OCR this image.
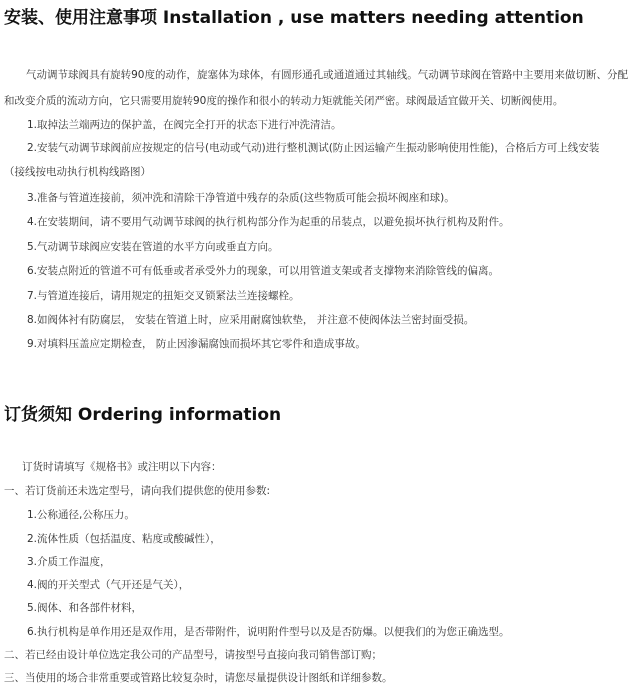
安装、使用注意事项 Installation , use matters needing attention

气动调节球阀具有旋转90度的动作，旋塞体为球体，有圆形通孔或通道通过其轴线。气动调节球阀在管路中主要用来做切断、分配和改变介质的流动方向，它只需要用旋转90度的操作和很小的转动力矩就能关闭严密。球阀最适宜做开关、切断阀使用。

1.取掉法兰端两边的保护盖，在阀完全打开的状态下进行冲洗清洁。

2.安装气动调节球阀前应按规定的信号(电动或气动)进行整机测试(防止因运输产生振动影响使用性能)，合格后方可上线安装（接线按电动执行机构线路图）

3.准备与管道连接前，须冲洗和清除干净管道中残存的杂质(这些物质可能会损坏阀座和球)。

4.在安装期间，请不要用气动调节球阀的执行机构部分作为起重的吊装点，以避免损坏执行机构及附件。

5.气动调节球阀应安装在管道的水平方向或垂直方向。

6.安装点附近的管道不可有低垂或者承受外力的现象，可以用管道支架或者支撑物来消除管线的偏离。

7.与管道连接后，请用规定的扭矩交叉锁紧法兰连接螺栓。

8.如阀体衬有防腐层， 安装在管道上时，应采用耐腐蚀软垫， 并注意不使阀体法兰密封面受损。

9.对填料压盖应定期检查， 防止因渗漏腐蚀而损坏其它零件和造成事故。

订货须知 Ordering information

订货时请填写《规格书》或注明以下内容：

一、若订货前还未选定型号，请向我们提供您的使用参数:

1.公称通径,公称压力。

2.流体性质（包括温度、粘度或酸碱性），

3.介质工作温度，

4.阀的开关型式（气开还是气关），

5.阀体、和各部件材料，

6.执行机构是单作用还是双作用，是否带附件，说明附件型号以及是否防爆。以便我们的为您正确选型。

二、若已经由设计单位选定我公司的产品型号，请按型号直接向我司销售部订购；

三、当使用的场合非常重要或管路比较复杂时，请您尽量提供设计图纸和详细参数。
